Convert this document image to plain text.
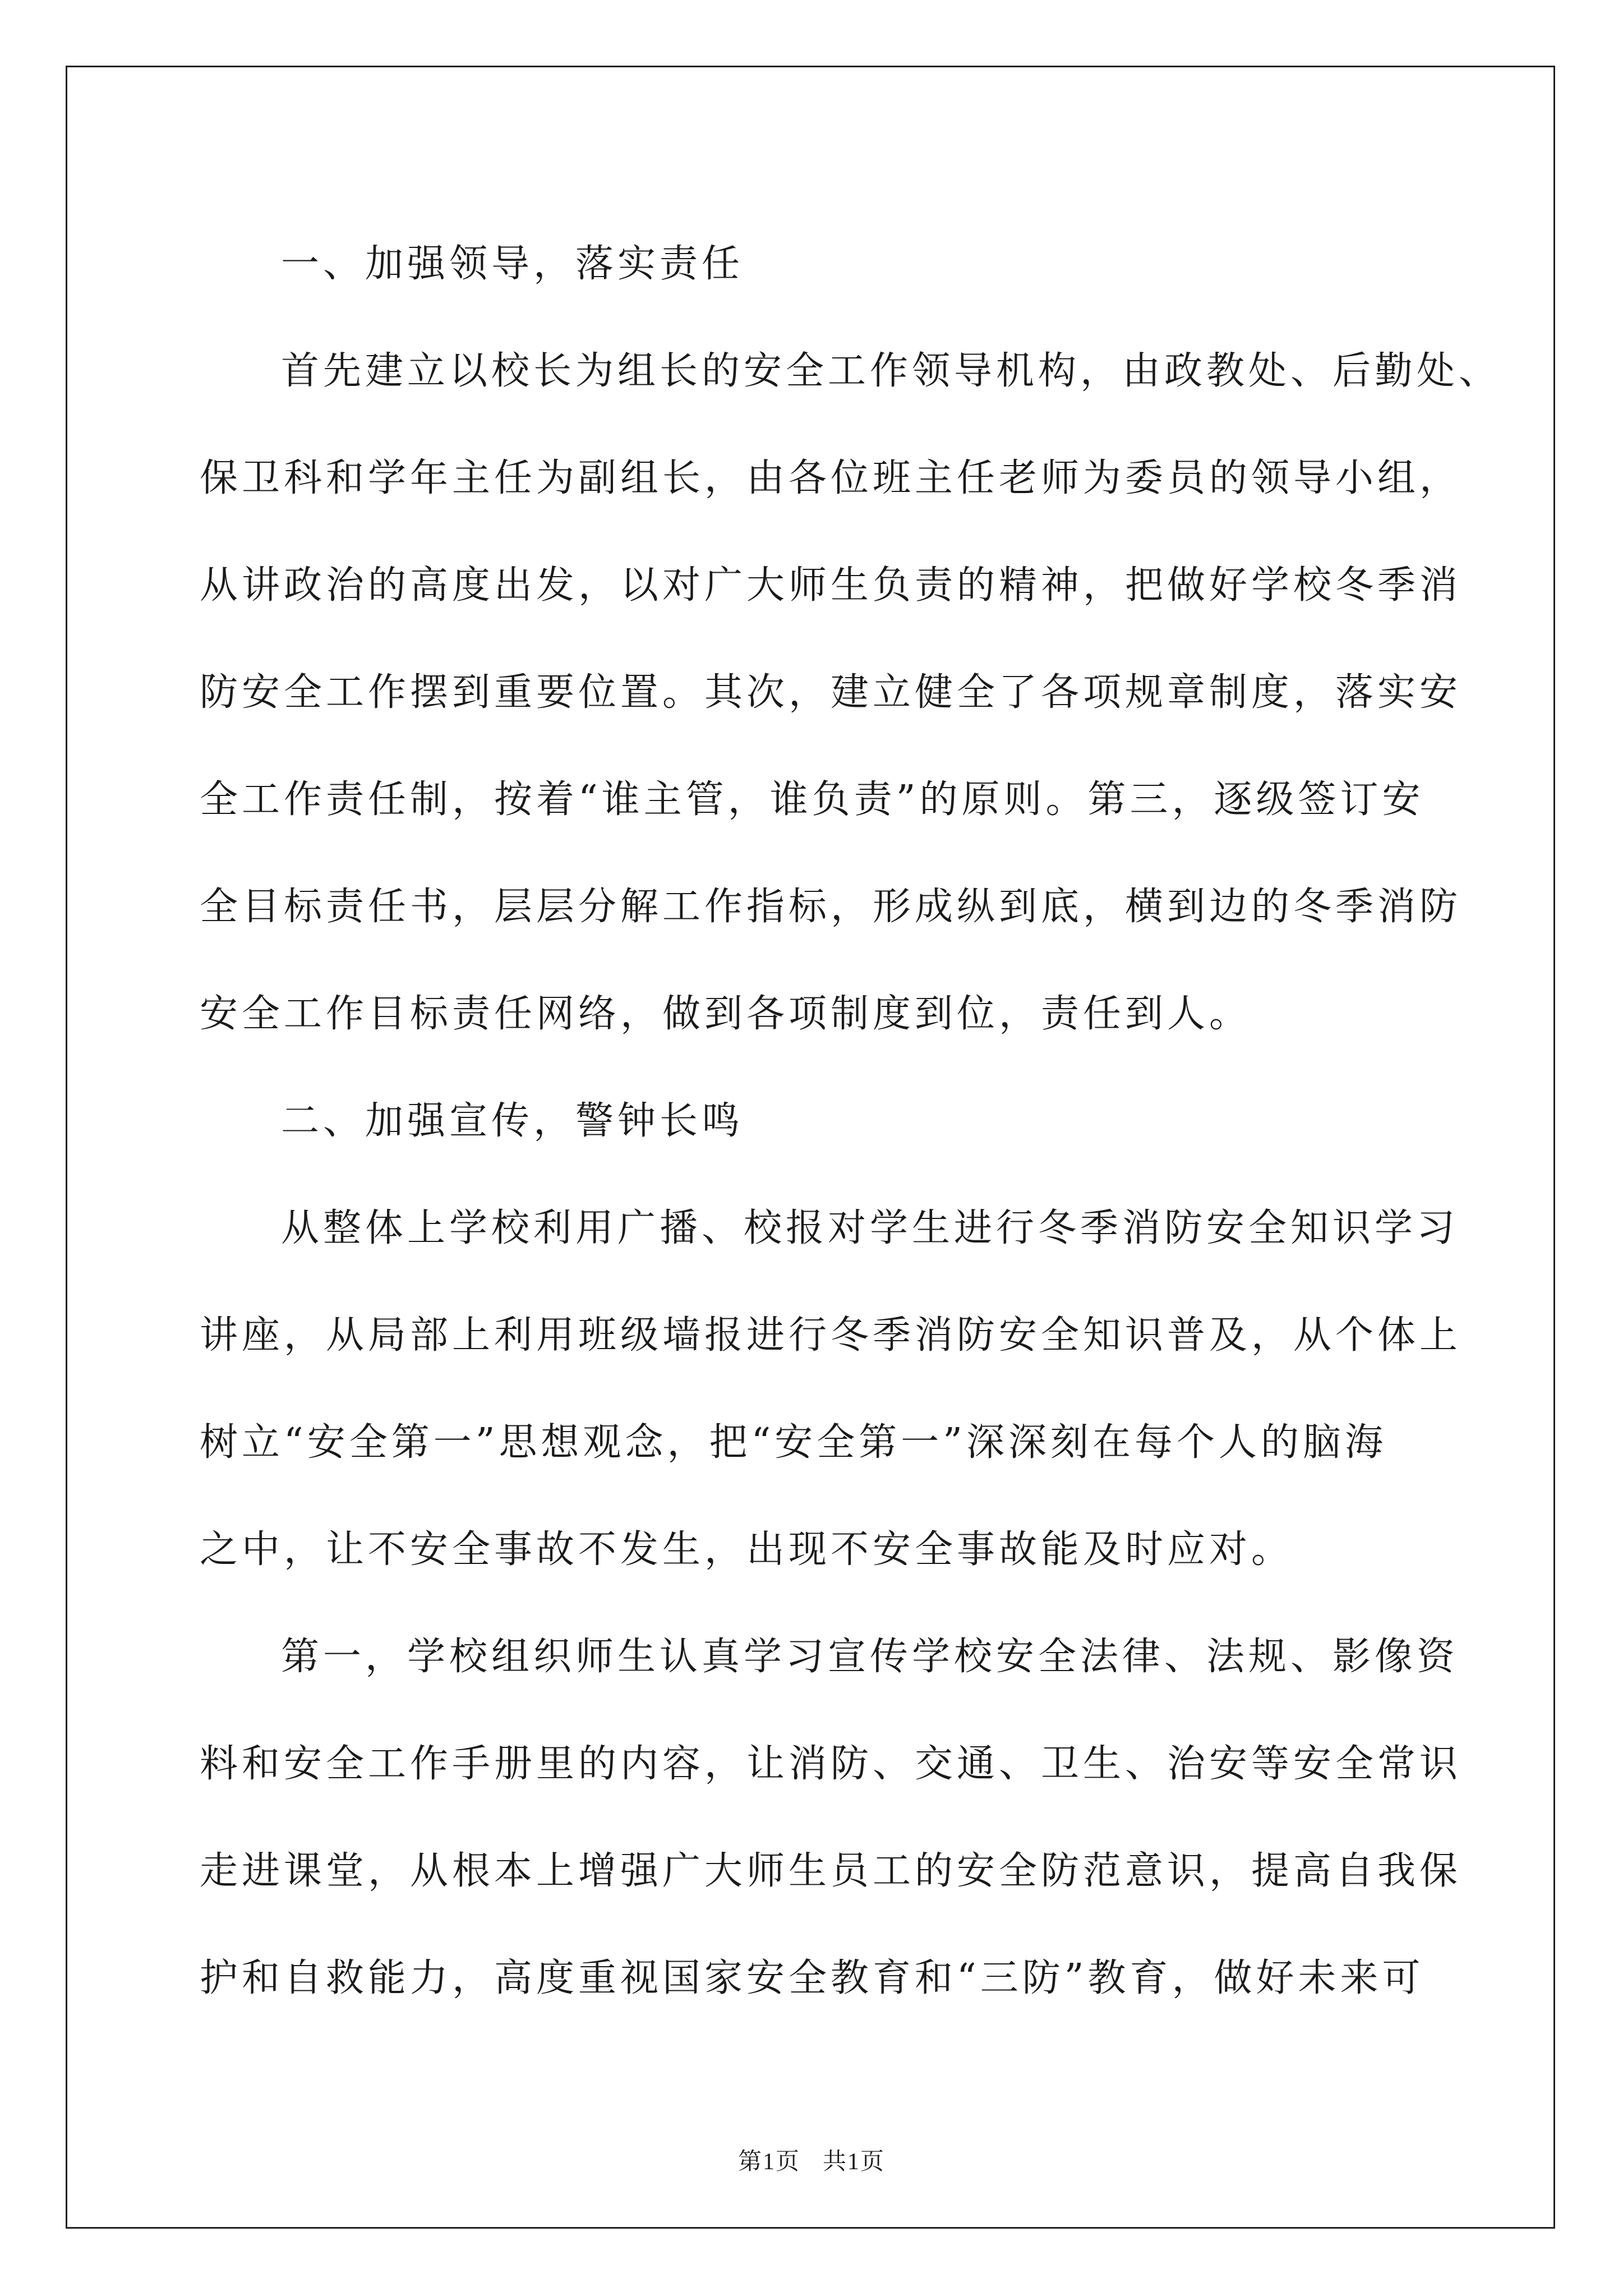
一、加强领导，落实责任

首先建立以校长为组长的安全工作领导机构，由政教处、后勤处、

保卫科和学年主任为副组长，由各位班主任老师为委员的领导小组，

从讲政治的高度出发，以对广大师生负责的精神，把做好学校冬季消

防安全工作摆到重要位置。其次，建立健全了各项规章制度，落实安

全工作责任制，按着“谁主管，谁负责”的原则。第三，逐级签订安

全目标责任书，层层分解工作指标，形成纵到底，横到边的冬季消防

安全工作目标责任网络，做到各项制度到位，责任到人。

二、加强宣传，警钟长鸣

从整体上学校利用广播、校报对学生进行冬季消防安全知识学习

讲座，从局部上利用班级墙报进行冬季消防安全知识普及，从个体上

树立“安全第一”思想观念，把“安全第一”深深刻在每个人的脑海

之中，让不安全事故不发生，出现不安全事故能及时应对。

第一，学校组织师生认真学习宣传学校安全法律、法规、影像资

料和安全工作手册里的内容，让消防、交通、卫生、治安等安全常识

走进课堂，从根本上增强广大师生员工的安全防范意识，提高自我保

护和自救能力，高度重视国家安全教育和“三防”教育，做好未来可

第1页 共1页
